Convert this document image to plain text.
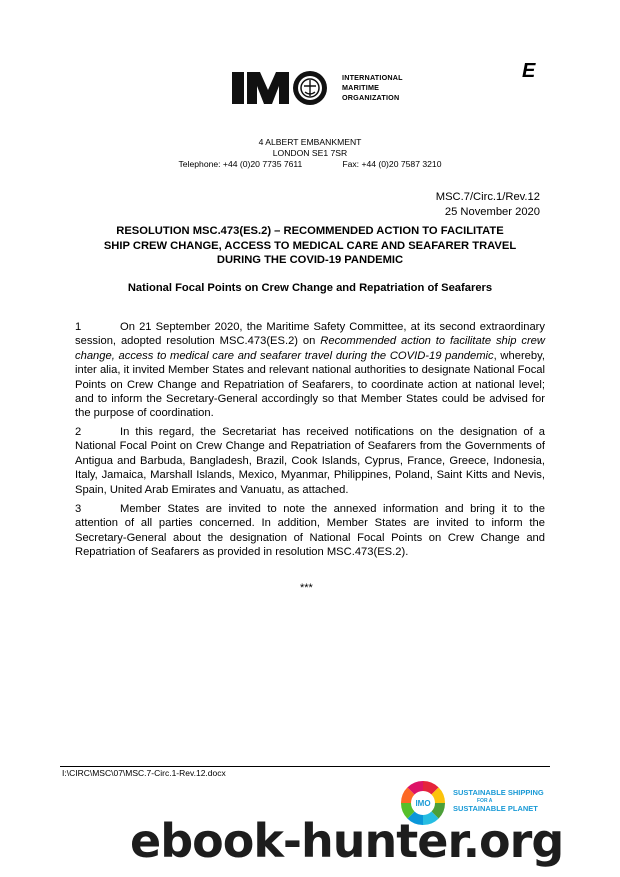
INTERNATIONAL
MARITIME
ORGANIZATION
E
4 ALBERT EMBANKMENT
LONDON SE1 7SR
Telephone: +44 (0)20 7735 7611	Fax: +44 (0)20 7587 3210
MSC.7/Circ.1/Rev.12
25 November 2020
RESOLUTION MSC.473(ES.2) – RECOMMENDED ACTION TO FACILITATE
SHIP CREW CHANGE, ACCESS TO MEDICAL CARE AND SEAFARER TRAVEL
DURING THE COVID-19 PANDEMIC
National Focal Points on Crew Change and Repatriation of Seafarers
1	On 21 September 2020, the Maritime Safety Committee, at its second extraordinary session, adopted resolution MSC.473(ES.2) on Recommended action to facilitate ship crew change, access to medical care and seafarer travel during the COVID-19 pandemic, whereby, inter alia, it invited Member States and relevant national authorities to designate National Focal Points on Crew Change and Repatriation of Seafarers, to coordinate action at national level; and to inform the Secretary-General accordingly so that Member States could be advised for the purpose of coordination.
2	In this regard, the Secretariat has received notifications on the designation of a National Focal Point on Crew Change and Repatriation of Seafarers from the Governments of Antigua and Barbuda, Bangladesh, Brazil, Cook Islands, Cyprus, France, Greece, Indonesia, Italy, Jamaica, Marshall Islands, Mexico, Myanmar, Philippines, Poland, Saint Kitts and Nevis, Spain, United Arab Emirates and Vanuatu, as attached.
3	Member States are invited to note the annexed information and bring it to the attention of all parties concerned. In addition, Member States are invited to inform the Secretary-General about the designation of National Focal Points on Crew Change and Repatriation of Seafarers as provided in resolution MSC.473(ES.2).
***
I:\CIRC\MSC\07\MSC.7-Circ.1-Rev.12.docx
IMO
SUSTAINABLE SHIPPING
FOR A
SUSTAINABLE PLANET
ebook-hunter.org
